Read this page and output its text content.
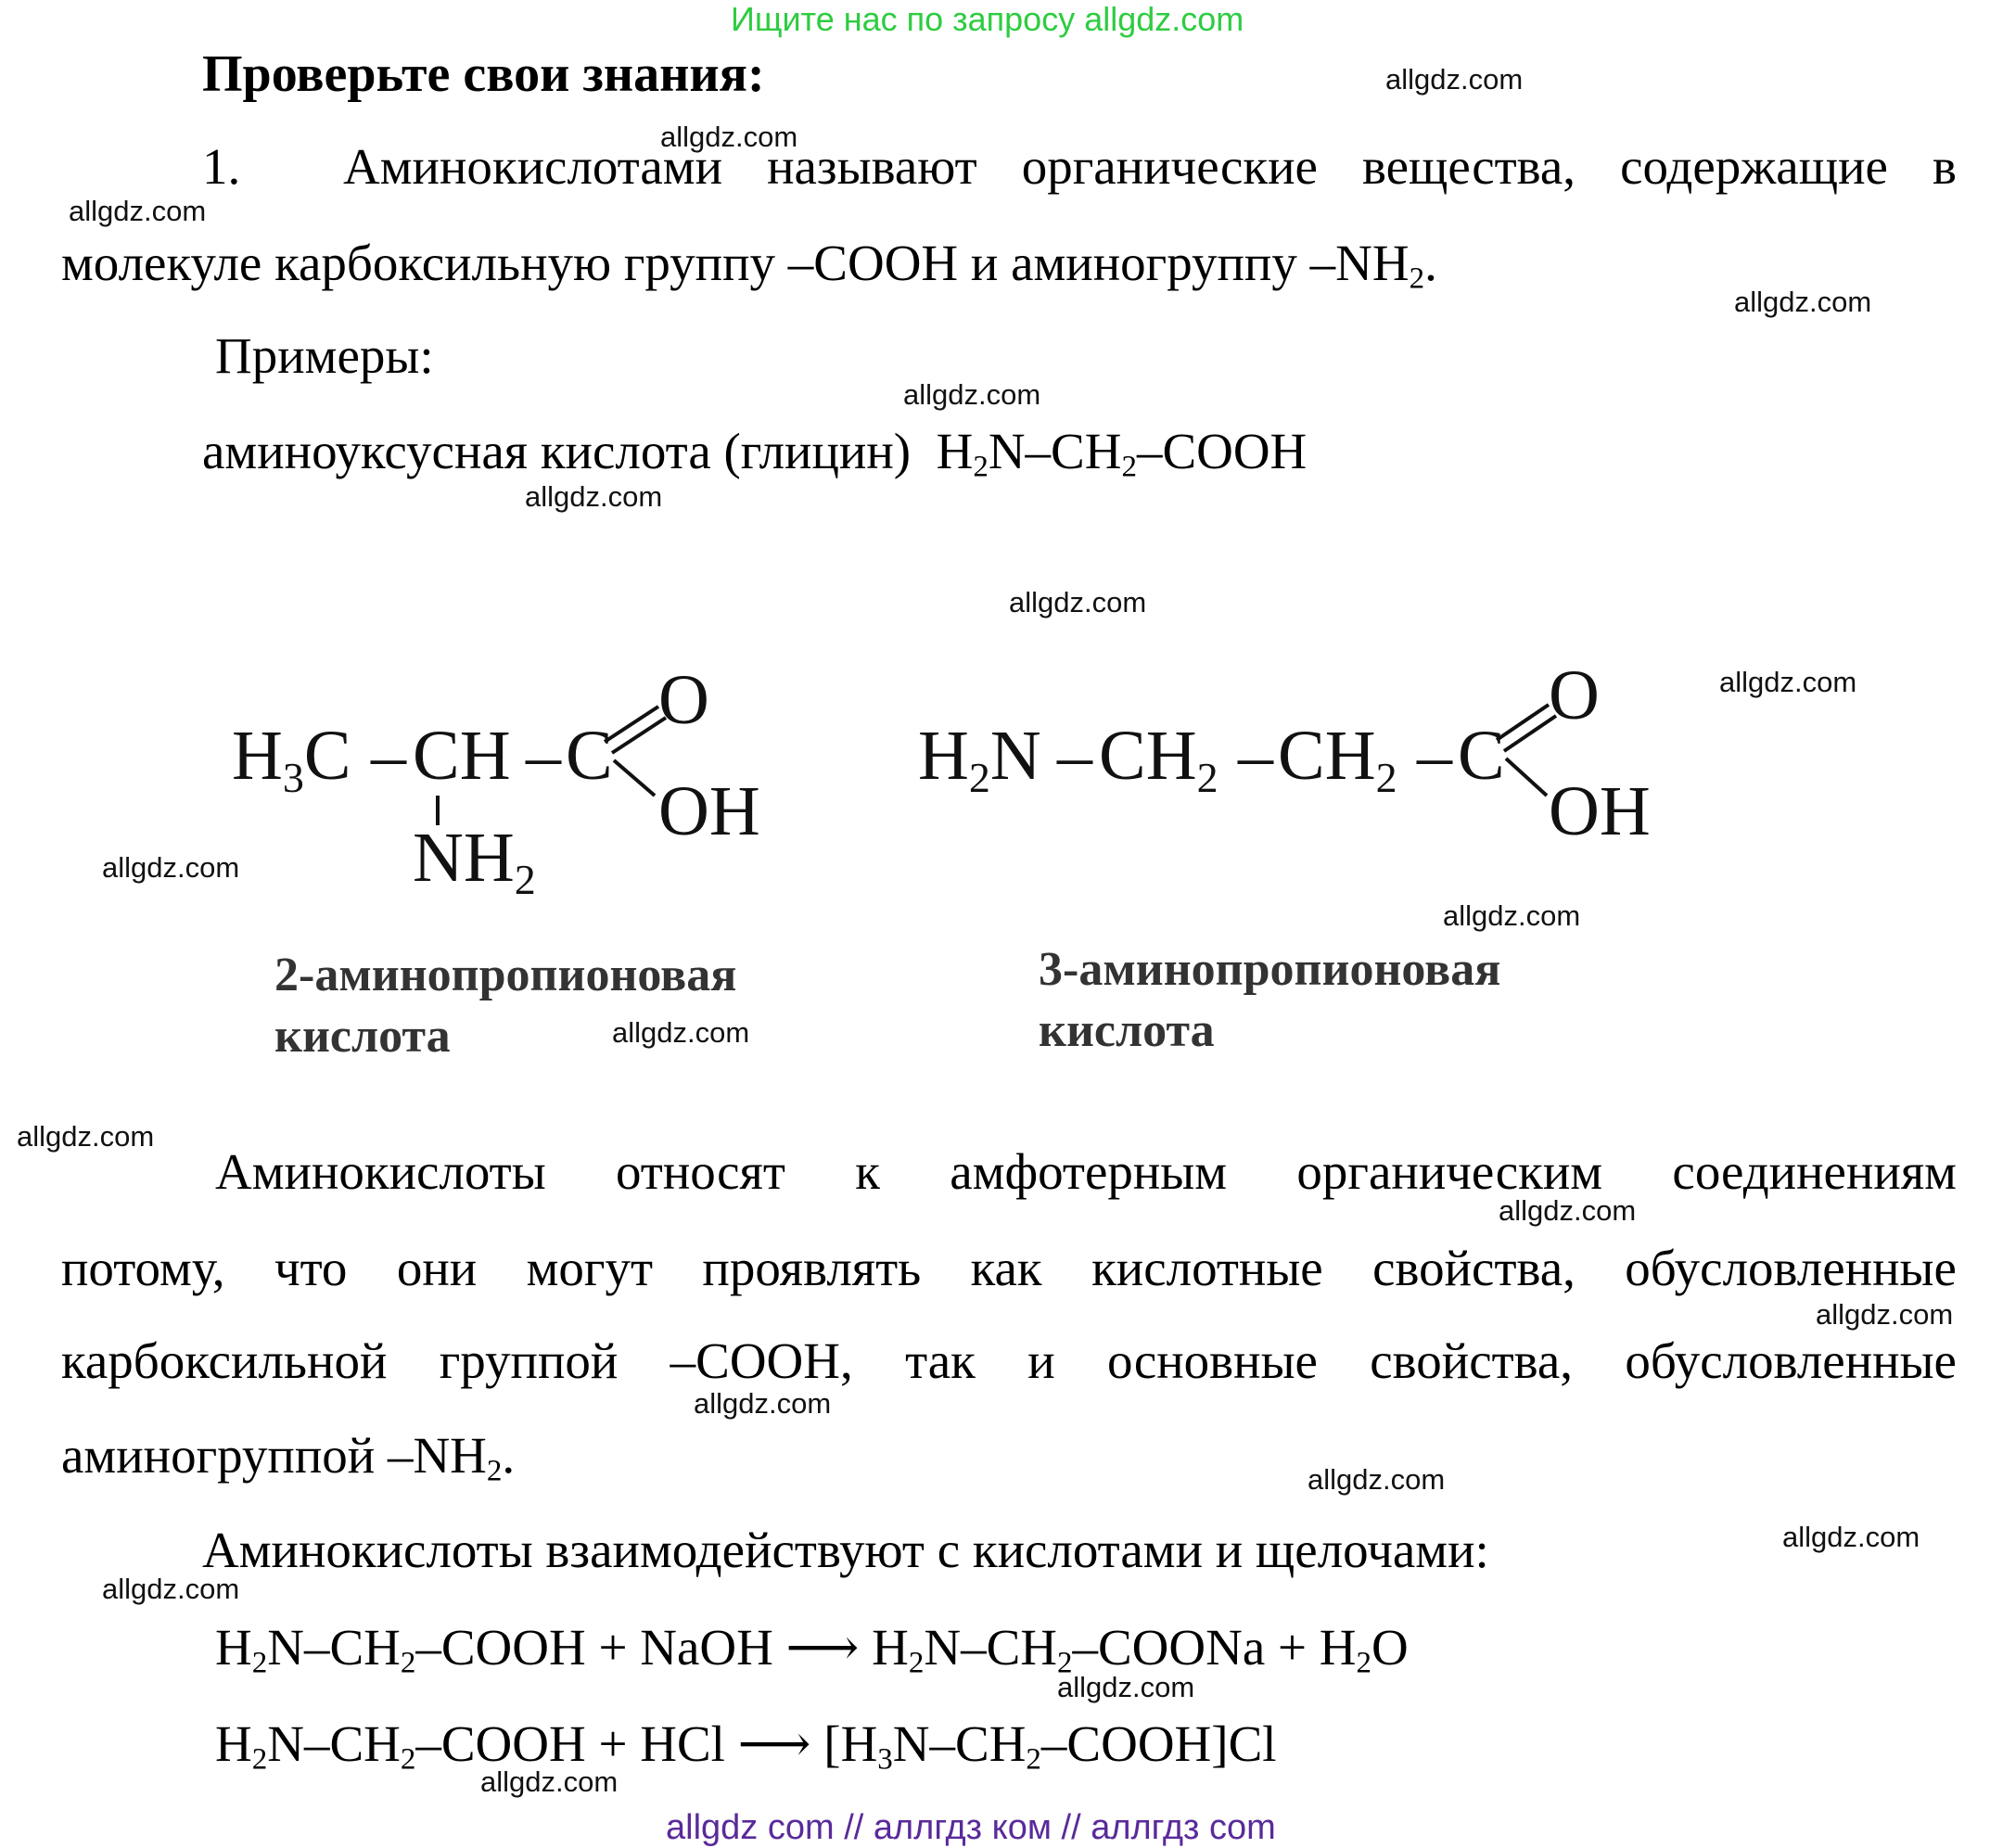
Ищите нас по запросу allgdz.com
Проверьте свои знания:
1. Аминокислотами называют органические вещества, содержащие в
молекуле карбоксильную группу –COOH и аминогруппу $-NH_2$.
Примеры:
аминоуксусная кислота (глицин) $H_2N-CH_2$–COOH
H3C – CH – C
O
OH
NH2
2-аминопропионовая
кислота
H2N – CH2 – CH2 – C
O
OH
3-аминопропионовая
кислота
Аминокислоты относят к амфотерным органическим соединениям
потому, что они могут проявлять как кислотные свойства, обусловленные
карбоксильной группой –COOH, так и основные свойства, обусловленные
аминогруппой $-NH_2$.
Аминокислоты взаимодействуют с кислотами и щелочами:
$H_2N-CH_2$–COOH + NaOH ⟶ $H_2N-CH_2$–COONa + $H_2O$
$H_2N-CH_2$–COOH + HCl ⟶ $[H_3N-CH_2-COOH]Cl$
allgdz.com
allgdz.com
allgdz.com
allgdz.com
allgdz.com
allgdz.com
allgdz.com
allgdz.com
allgdz.com
allgdz.com
allgdz.com
allgdz.com
allgdz.com
allgdz.com
allgdz.com
allgdz.com
allgdz.com
allgdz.com
allgdz.com
allgdz.com
allgdz com // аллгдз ком // аллгдз com
